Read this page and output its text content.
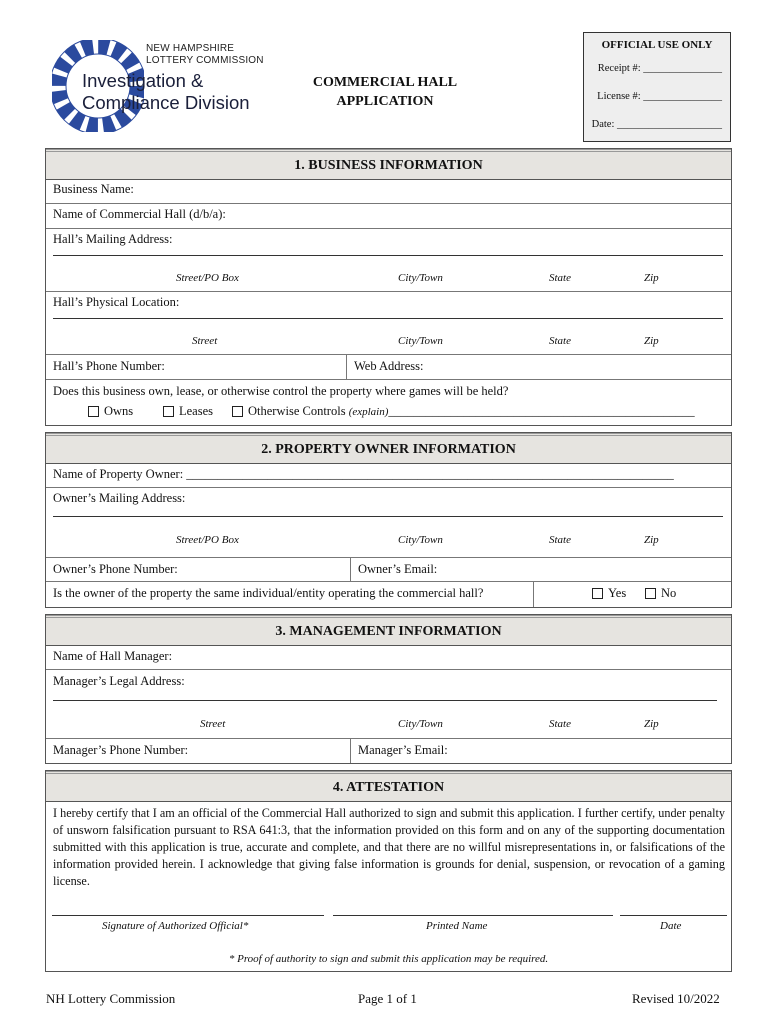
NEW HAMPSHIRE
LOTTERY COMMISSION
Investigation &
Compliance Division
COMMERCIAL HALL
APPLICATION
OFFICIAL USE ONLY
Receipt #: _______________
License #: _______________
Date: ____________________
1. BUSINESS INFORMATION
Business Name:
Name of Commercial Hall (d/b/a):
Hall’s Mailing Address:
Street/PO Box	City/Town	State	Zip
Hall’s Physical Location:
Street	City/Town	State	Zip
Hall’s Phone Number:	Web Address:
Does this business own, lease, or otherwise control the property where games will be held?
Owns	Leases	Otherwise Controls (explain)_________________________________________________
2. PROPERTY OWNER INFORMATION
Name of Property Owner: ______________________________________________________________________________
Owner’s Mailing Address:
Street/PO Box	City/Town	State	Zip
Owner’s Phone Number:	Owner’s Email:
Is the owner of the property the same individual/entity operating the commercial hall?	Yes	No
3. MANAGEMENT INFORMATION
Name of Hall Manager:
Manager’s Legal Address:
Street	City/Town	State	Zip
Manager’s Phone Number:	Manager’s Email:
4. ATTESTATION
I hereby certify that I am an official of the Commercial Hall authorized to sign and submit this application. I further certify, under penalty of unsworn falsification pursuant to RSA 641:3, that the information provided on this form and on any of the supporting documentation submitted with this application is true, accurate and complete, and that there are no willful misrepresentations in, or falsifications of the information provided herein. I acknowledge that giving false information is grounds for denial, suspension, or revocation of a gaming license.
Signature of Authorized Official*	Printed Name	Date
* Proof of authority to sign and submit this application may be required.
NH Lottery Commission	Page 1 of 1	Revised 10/2022
